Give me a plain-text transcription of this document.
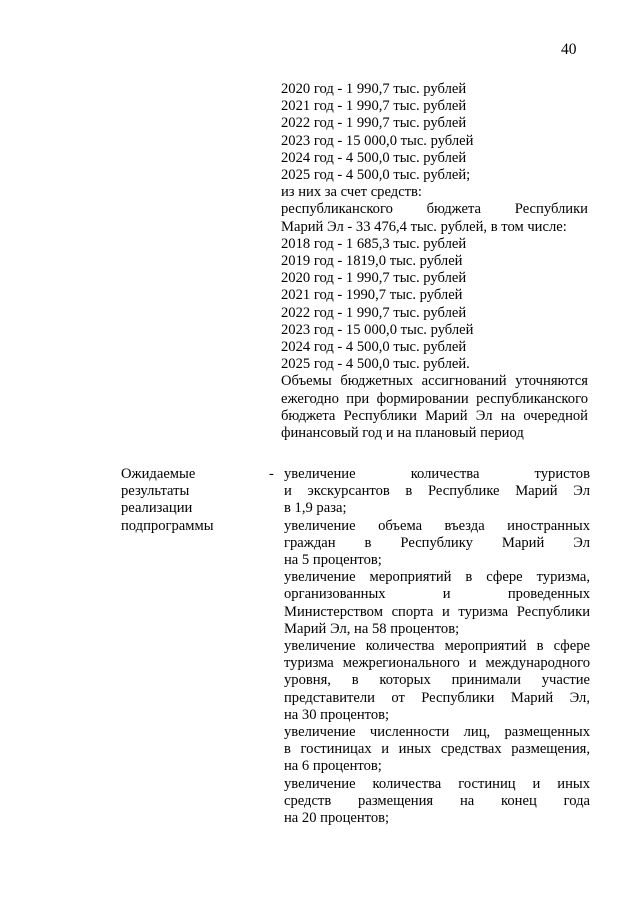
40
2020 год - 1 990,7 тыс. рублей
2021 год - 1 990,7 тыс. рублей
2022 год - 1 990,7 тыс. рублей
2023 год - 15 000,0 тыс. рублей
2024 год - 4 500,0 тыс. рублей
2025 год - 4 500,0 тыс. рублей;
из них за счет средств:
республиканского бюджета Республики
Марий Эл - 33 476,4 тыс. рублей, в том числе:
2018 год - 1 685,3 тыс. рублей
2019 год - 1819,0 тыс. рублей
2020 год - 1 990,7 тыс. рублей
2021 год - 1990,7 тыс. рублей
2022 год - 1 990,7 тыс. рублей
2023 год - 15 000,0 тыс. рублей
2024 год - 4 500,0 тыс. рублей
2025 год - 4 500,0 тыс. рублей.
Объемы бюджетных ассигнований уточняются
ежегодно при формировании республиканского
бюджета Республики Марий Эл на очередной
финансовый год и на плановый период
Ожидаемые
результаты
реализации
подпрограммы
- увеличение количества туристов
и экскурсантов в Республике Марий Эл
в 1,9 раза;
увеличение объема въезда иностранных
граждан в Республику Марий Эл
на 5 процентов;
увеличение мероприятий в сфере туризма,
организованных и проведенных
Министерством спорта и туризма Республики
Марий Эл, на 58 процентов;
увеличение количества мероприятий в сфере
туризма межрегионального и международного
уровня, в которых принимали участие
представители от Республики Марий Эл,
на 30 процентов;
увеличение численности лиц, размещенных
в гостиницах и иных средствах размещения,
на 6 процентов;
увеличение количества гостиниц и иных
средств размещения на конец года
на 20 процентов;
